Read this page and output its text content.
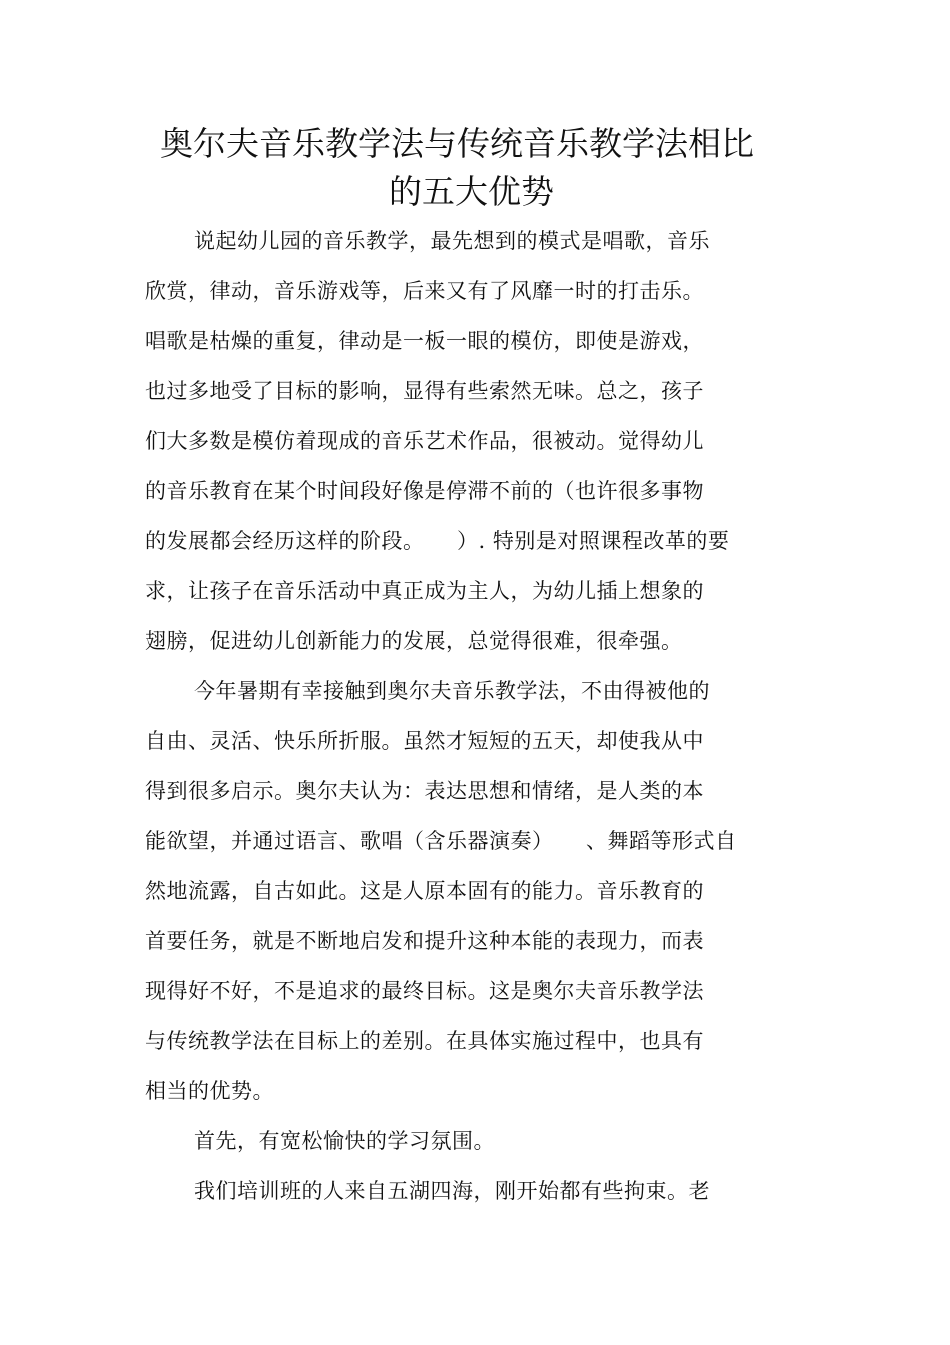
奥尔夫音乐教学法与传统音乐教学法相比
的五大优势
说起幼儿园的音乐教学，最先想到的模式是唱歌，音乐
欣赏，律动，音乐游戏等，后来又有了风靡一时的打击乐。
唱歌是枯燥的重复，律动是一板一眼的模仿，即使是游戏，
也过多地受了目标的影响，显得有些索然无味。总之，孩子
们大多数是模仿着现成的音乐艺术作品，很被动。觉得幼儿
的音乐教育在某个时间段好像是停滞不前的（也许很多事物
的发展都会经历这样的阶段。　　）. 特别是对照课程改革的要
求，让孩子在音乐活动中真正成为主人，为幼儿插上想象的
翅膀，促进幼儿创新能力的发展，总觉得很难，很牵强。
今年暑期有幸接触到奥尔夫音乐教学法，不由得被他的
自由、灵活、快乐所折服。虽然才短短的五天，却使我从中
得到很多启示。奥尔夫认为：表达思想和情绪，是人类的本
能欲望，并通过语言、歌唱（含乐器演奏）　　、舞蹈等形式自
然地流露，自古如此。这是人原本固有的能力。音乐教育的
首要任务，就是不断地启发和提升这种本能的表现力，而表
现得好不好，不是追求的最终目标。这是奥尔夫音乐教学法
与传统教学法在目标上的差别。在具体实施过程中，也具有
相当的优势。
首先，有宽松愉快的学习氛围。
我们培训班的人来自五湖四海，刚开始都有些拘束。老
